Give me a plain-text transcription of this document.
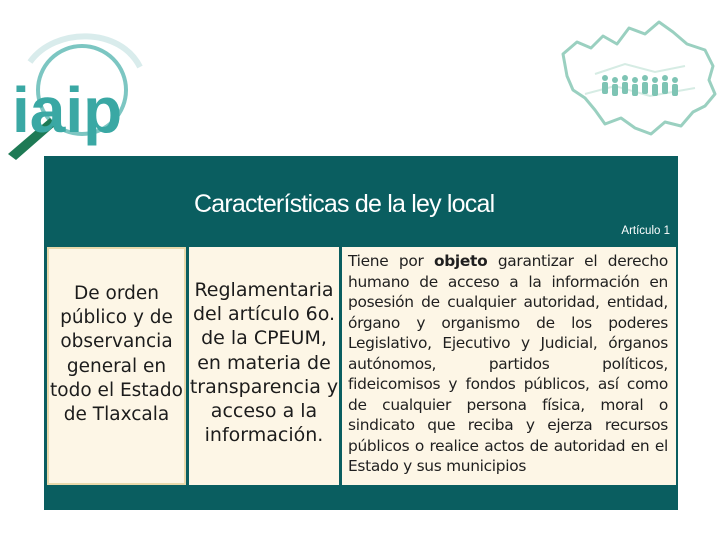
iaip
Características de la ley local
Artículo 1
De orden público y de observancia general en todo el Estado de Tlaxcala
Reglamentaria del artículo 6o. de la CPEUM, en materia de transparencia y acceso a la información.

Tiene por objeto garantizar el derecho humano de acceso a la información en posesión de cualquier autoridad, entidad, órgano y organismo de los poderes Legislativo, Ejecutivo y Judicial, órganos autónomos, partidos políticos, fideicomisos y fondos públicos, así como de cualquier persona física, moral o sindicato que reciba y ejerza recursos públicos o realice actos de autoridad en el Estado y sus municipios
